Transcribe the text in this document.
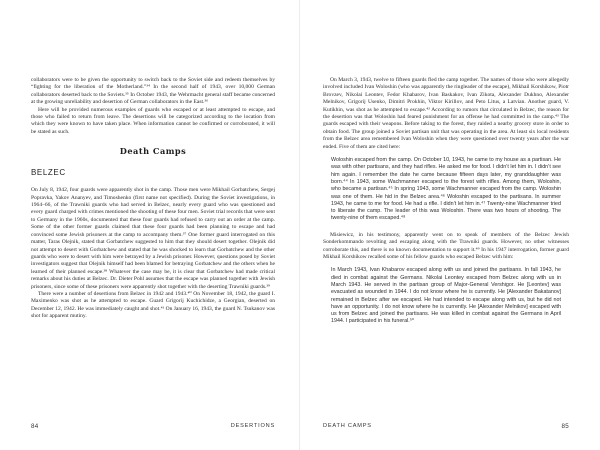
collaborators were to be given the opportunity to switch back to the Soviet side and redeem themselves by “fighting for the liberation of the Motherland.”³⁴ In the second half of 1943, over 10,000 German collaborators deserted back to the Soviets.³⁵ In October 1943, the Wehrmacht general staff became concerned at the growing unreliability and desertion of German collaborators in the East.³⁶

Here will be provided numerous examples of guards who escaped or at least attempted to escape, and those who failed to return from leave. The desertions will be categorized according to the location from which they were known to have taken place. When information cannot be confirmed or corroborated, it will be stated as such.

Death Camps
BELZEC

On July 8, 1942, four guards were apparently shot in the camp. Those men were Mikhail Gorbatchew, Sergej Popravka, Yakov Ananyev, and Timoshenko (first name not specified). During the Soviet investigations, in 1964–66, of the Trawniki guards who had served in Belzec, nearly every guard who was questioned and every guard charged with crimes mentioned the shooting of these four men. Soviet trial records that were sent to Germany in the 1960s, documented that these four guards had refused to carry out an order at the camp. Some of the other former guards claimed that these four guards had been planning to escape and had convinced some Jewish prisoners at the camp to accompany them.³⁷ One former guard interrogated on this matter, Taras Olejnik, stated that Gorbatchew suggested to him that they should desert together. Olejnik did not attempt to desert with Gorbatchew and stated that he was shocked to learn that Gorbatchew and the other guards who were to desert with him were betrayed by a Jewish prisoner. However, questions posed by Soviet investigators suggest that Olejnik himself had been blamed for betraying Gorbatchew and the others when he learned of their planned escape.³⁸ Whatever the case may be, it is clear that Gorbatchew had made critical remarks about his duties at Belzec. Dr. Dieter Pohl assumes that the escape was planned together with Jewish prisoners, since some of these prisoners were apparently shot together with the deserting Trawniki guards.³⁹

There were a number of desertions from Belzec in 1942 and 1943.⁴⁰ On November 18, 1942, the guard I. Maximenko was shot as he attempted to escape. Guard Grigorij Kuchichidze, a Georgian, deserted on December 12, 1942. He was immediately caught and shot.⁴¹ On January 16, 1943, the guard N. Tsukanov was shot for apparent mutiny.

84	DESERTIONS

On March 3, 1943, twelve to fifteen guards fled the camp together. The names of those who were allegedly involved included Ivan Woloshin (who was apparently the ringleader of the escape), Mikhail Korshikow, Piotr Brovzev, Nikolai Leontev, Fedor Khabarov, Ivan Baskakov, Ivan Zikota, Alexander Dukhno, Alexander Melnikov, Grigorij Usenko, Dimitri Prokhin, Viktor Kirillov, and Peto Litus, a Latvian. Another guard, V. Kutikhin, was shot as he attempted to escape.⁴² According to rumors that circulated in Belzec, the reason for the desertion was that Woloshin had feared punishment for an offense he had committed in the camp.⁴³ The guards escaped with their weapons. Before taking to the forest, they raided a nearby grocery store in order to obtain food. The group joined a Soviet partisan unit that was operating in the area. At least six local residents from the Belzec area remembered Ivan Woloshin when they were questioned over twenty years after the war ended. Five of them are cited here:

Woloshin escaped from the camp. On October 10, 1943, he came to my house as a partisan. He was with other partisans, and they had rifles. He asked me for food. I didn’t let him in. I didn’t see him again. I remember the date he came because fifteen days later, my granddaughter was born.⁴⁴ In 1943, some Wachmanner escaped to the forest with rifles. Among them, Woloshin, who became a partisan.⁴⁵ In spring 1943, some Wachmanner escaped from the camp. Woloshin was one of them. He hid in the Belzec area.⁴⁶ Woloshin escaped to the partisans. In summer 1943, he came to me for food. He had a rifle. I didn’t let him in.⁴⁷ Twenty-nine Wachmanner tried to liberate the camp. The leader of this was Woloshin. There was two hours of shooting. The twenty-nine of them escaped.⁴⁸

Misiewicz, in his testimony, apparently went on to speak of members of the Belzec Jewish Sonderkommando revolting and escaping along with the Trawniki guards. However, no other witnesses corroborate this, and there is no known documentation to support it.⁴⁹ In his 1947 interrogation, former guard Mikhail Korshikow recalled some of his fellow guards who escaped Belzec with him:

In March 1943, Ivan Khabarov escaped along with us and joined the partisans. In fall 1943, he died in combat against the Germans. Nikolai Leontey escaped from Belzec along with us in March 1943. He served in the partisan group of Major-General Vershigor. He [Leontev] was evacuated as wounded in 1944. I do not know where he is currently. He [Alexander Bakatanov] remained in Belzec after we escaped. He had intended to escape along with us, but he did not have an opportunity. I do not know where he is currently. He [Alexander Melnikov] escaped with us from Belzec and joined the partisans. He was killed in combat against the Germans in April 1944. I participated in his funeral.⁵⁰
DEATH CAMPS	85
